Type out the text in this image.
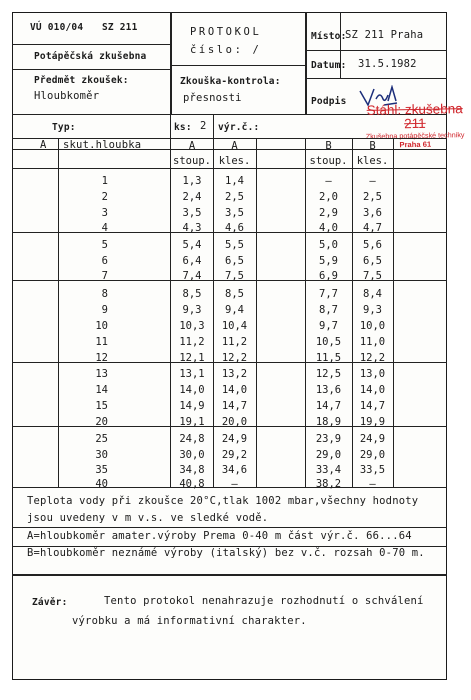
VÚ 010/04 SZ 211
Potápěčská zkušebna
Předmět zkoušek:
Hloubkoměr
PROTOKOL
číslo: /
Zkouška-kontrola:
přesnosti
Místo:
SZ 211 Praha
Datum: 31.5.1982
Podpis	Stáhl: zkušebna 211
Zkušebna potápěčské techniky
Praha 61
Typ:	ks: 2 výr.č.:
A skut.hloubka	A	A	B	B
stoup. kles.	stoup. kles.
1	1,3	1,4	–	–
2	2,4	2,5	2,0	2,5
3	3,5	3,5	2,9	3,6
4	4,3	4,6	4,0	4,7
5	5,4	5,5	5,0	5,6
6	6,4	6,5	5,9	6,5
7	7,4	7,5	6,9	7,5
8	8,5	8,5	7,7	8,4
9	9,3	9,4	8,7	9,3
10	10,3	10,4	9,7	10,0
11	11,2	11,2	10,5	11,0
12	12,1	12,2	11,5	12,2
13	13,1	13,2	12,5	13,0
14	14,0	14,0	13,6	14,0
15	14,9	14,7	14,7	14,7
20	19,1	20,0	18,9	19,9
25	24,8	24,9	23,9	24,9
30	30,0	29,2	29,0	29,0
35	34,8	34,6	33,4	33,5
40	40,8	–	38,2	–
Teplota vody při zkoušce 20°C,tlak 1002 mbar,všechny hodnoty
jsou uvedeny v m v.s. ve sledké vodě.
A=hloubkoměr amater.výroby Prema 0-40 m část výr.č. 66...64
B=hloubkoměr neznámé výroby (italský) bez v.č. rozsah 0-70 m.
Závěr:	Tento protokol nenahrazuje rozhodnutí o schválení
výrobku a má informativní charakter.
